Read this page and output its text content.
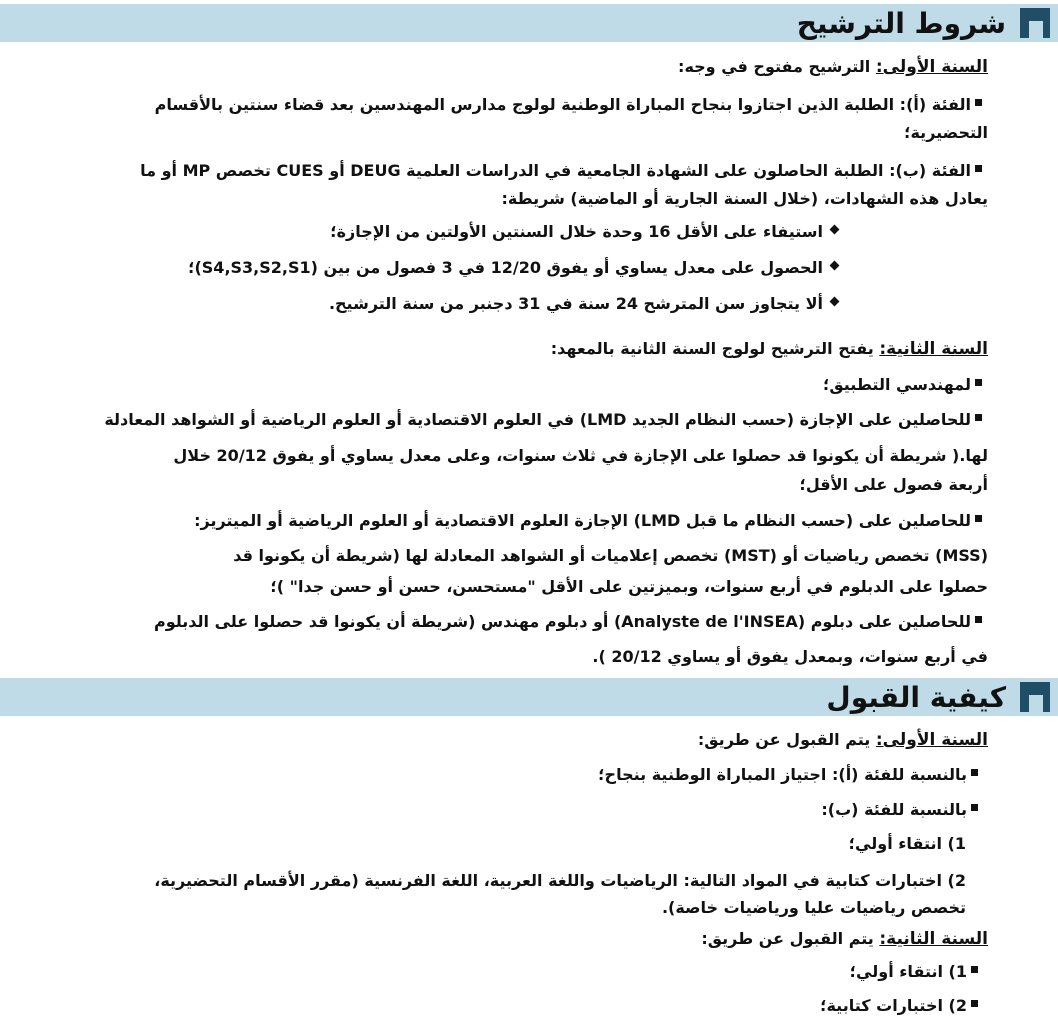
شروط الترشيح
السنة الأولى: الترشيح مفتوح في وجه:
الفئة (أ): الطلبة الذين اجتازوا بنجاح المباراة الوطنية لولوج مدارس المهندسين بعد قضاء سنتين بالأقسام
التحضيرية؛
الفئة (ب): الطلبة الحاصلون على الشهادة الجامعية في الدراسات العلمية DEUG أو CUES تخصص MP أو ما
يعادل هذه الشهادات، (خلال السنة الجارية أو الماضية) شريطة:
استيفاء على الأقل 16 وحدة خلال السنتين الأولتين من الإجازة؛
الحصول على معدل يساوي أو يفوق 12/20 في 3 فصول من بين (S4,S3,S2,S1)؛
ألا يتجاوز سن المترشح 24 سنة في 31 دجنبر من سنة الترشيح.
السنة الثانية: يفتح الترشيح لولوج السنة الثانية بالمعهد:
لمهندسي التطبيق؛
للحاصلين على الإجازة (حسب النظام الجديد LMD) في العلوم الاقتصادية أو العلوم الرياضية أو الشواهد المعادلة
لها.( شريطة أن يكونوا قد حصلوا على الإجازة في ثلاث سنوات، وعلى معدل يساوي أو يفوق 20/12 خلال
أربعة فصول على الأقل؛
للحاصلين على (حسب النظام ما قبل LMD) الإجازة العلوم الاقتصادية أو العلوم الرياضية أو الميتريز:
(MSS) تخصص رياضيات أو (MST) تخصص إعلاميات أو الشواهد المعادلة لها (شريطة أن يكونوا قد
حصلوا على الدبلوم في أربع سنوات، وبميزتين على الأقل "مستحسن، حسن أو حسن جدا" )؛
للحاصلين على دبلوم (Analyste de l'INSEA) أو دبلوم مهندس (شريطة أن يكونوا قد حصلوا على الدبلوم
في أربع سنوات، وبمعدل يفوق أو يساوي 20/12 ).
كيفية القبول
السنة الأولى: يتم القبول عن طريق:
بالنسبة للفئة (أ): اجتياز المباراة الوطنية بنجاح؛
بالنسبة للفئة (ب):
1) انتقاء أولي؛
2) اختبارات كتابية في المواد التالية: الرياضيات واللغة العربية، اللغة الفرنسية (مقرر الأقسام التحضيرية،
تخصص رياضيات عليا ورياضيات خاصة).
السنة الثانية: يتم القبول عن طريق:
1) انتقاء أولي؛
2) اختبارات كتابية؛
